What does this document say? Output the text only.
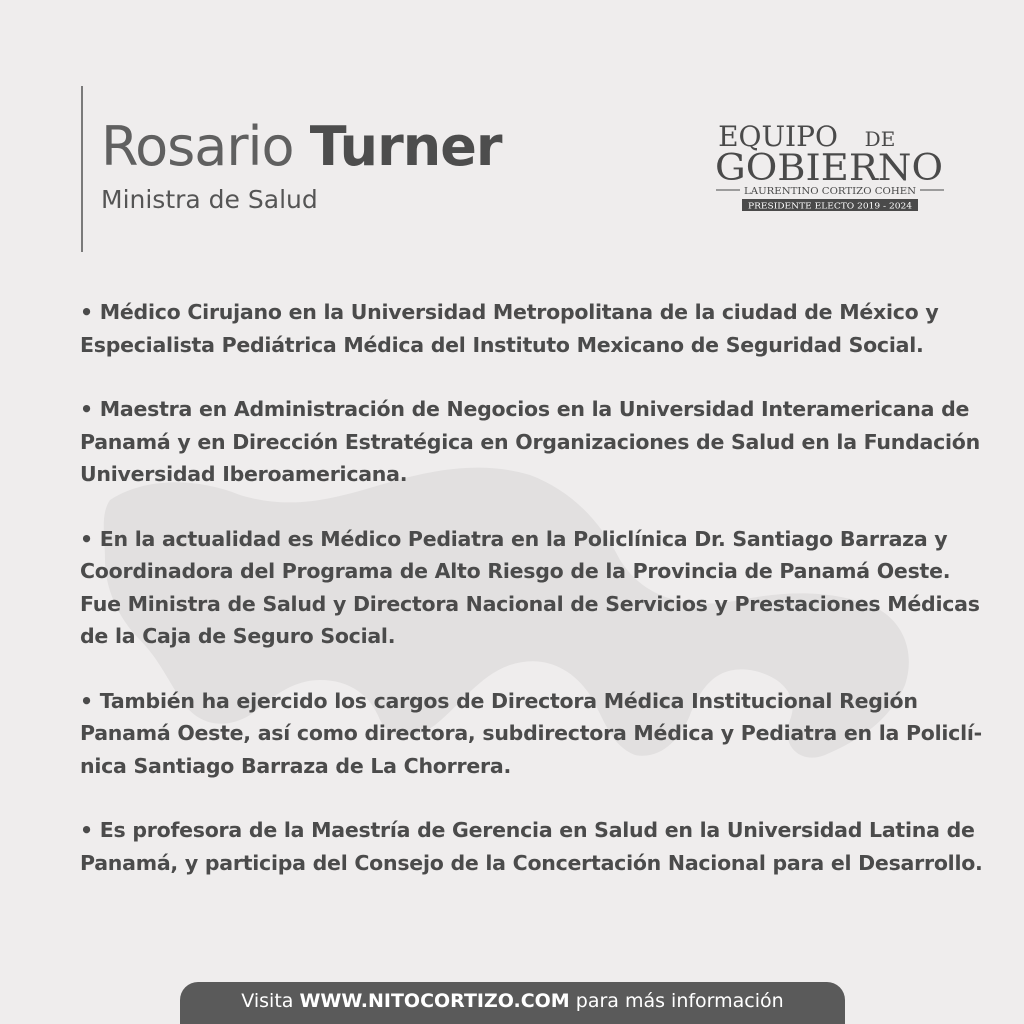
Rosario Turner
Ministra de Salud
EQUIPO DE
GOBIERNO
LAURENTINO CORTIZO COHEN
PRESIDENTE ELECTO 2019 - 2024
• Médico Cirujano en la Universidad Metropolitana de la ciudad de México y
Especialista Pediátrica Médica del Instituto Mexicano de Seguridad Social.
• Maestra en Administración de Negocios en la Universidad Interamericana de
Panamá y en Dirección Estratégica en Organizaciones de Salud en la Fundación
Universidad Iberoamericana.
• En la actualidad es Médico Pediatra en la Policlínica Dr. Santiago Barraza y
Coordinadora del Programa de Alto Riesgo de la Provincia de Panamá Oeste.
Fue Ministra de Salud y Directora Nacional de Servicios y Prestaciones Médicas
de la Caja de Seguro Social.
• También ha ejercido los cargos de Directora Médica Institucional Región
Panamá Oeste, así como directora, subdirectora Médica y Pediatra en la Policlí-
nica Santiago Barraza de La Chorrera.
• Es profesora de la Maestría de Gerencia en Salud en la Universidad Latina de
Panamá, y participa del Consejo de la Concertación Nacional para el Desarrollo.
Visita WWW.NITOCORTIZO.COM para más información
